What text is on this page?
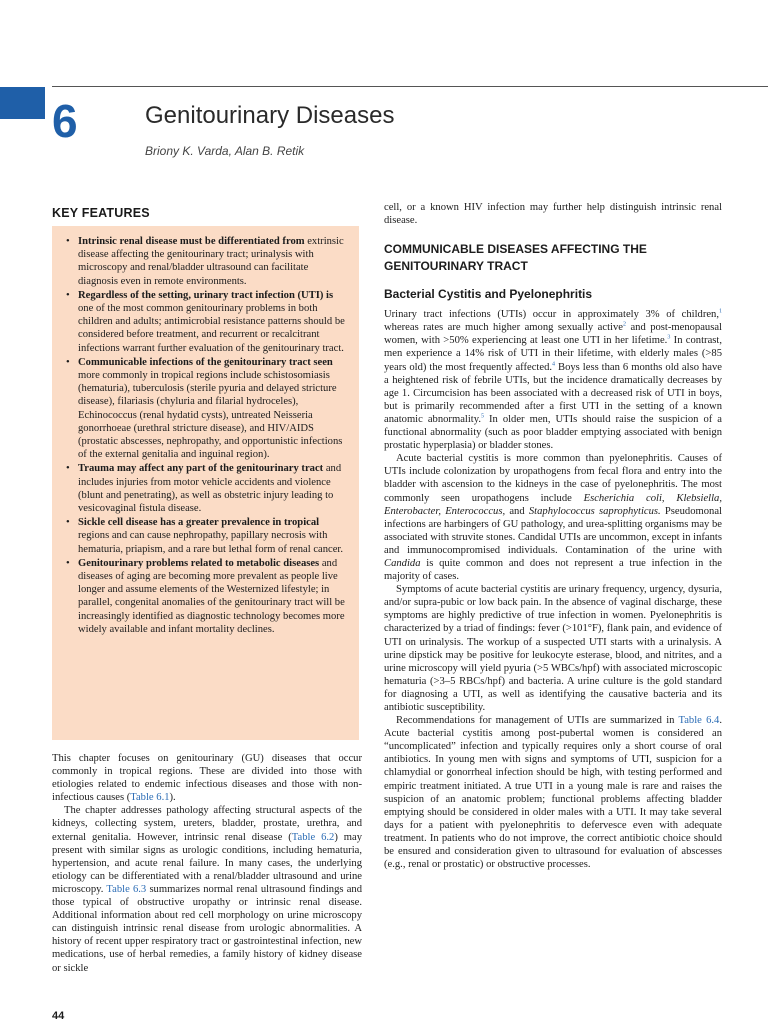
6	Genitourinary Diseases
Briony K. Varda, Alan B. Retik
KEY FEATURES
• Intrinsic renal disease must be differentiated from extrinsic disease affecting the genitourinary tract; urinalysis with microscopy and renal/bladder ultrasound can facilitate diagnosis even in remote environments.
• Regardless of the setting, urinary tract infection (UTI) is one of the most common genitourinary problems in both children and adults; antimicrobial resistance patterns should be considered before treatment, and recurrent or recalcitrant infections warrant further evaluation of the genitourinary tract.
• Communicable infections of the genitourinary tract seen more commonly in tropical regions include schistosomiasis (hematuria), tuberculosis (sterile pyuria and delayed stricture disease), filariasis (chyluria and filarial hydroceles), Echinococcus (renal hydatid cysts), untreated Neisseria gonorrhoeae (urethral stricture disease), and HIV/AIDS (prostatic abscesses, nephropathy, and opportunistic infections of the external genitalia and inguinal region).
• Trauma may affect any part of the genitourinary tract and includes injuries from motor vehicle accidents and violence (blunt and penetrating), as well as obstetric injury leading to vesicovaginal fistula disease.
• Sickle cell disease has a greater prevalence in tropical regions and can cause nephropathy, papillary necrosis with hematuria, priapism, and a rare but lethal form of renal cancer.
• Genitourinary problems related to metabolic diseases and diseases of aging are becoming more prevalent as people live longer and assume elements of the Westernized lifestyle; in parallel, congenital anomalies of the genitourinary tract will be increasingly identified as diagnostic technology becomes more widely available and infant mortality declines.

This chapter focuses on genitourinary (GU) diseases that occur commonly in tropical regions. These are divided into those with etiologies related to endemic infectious diseases and those with non-infectious causes (Table 6.1).

The chapter addresses pathology affecting structural aspects of the kidneys, collecting system, ureters, bladder, prostate, urethra, and external genitalia. However, intrinsic renal disease (Table 6.2) may present with similar signs as urologic conditions, including hematuria, hypertension, and acute renal failure. In many cases, the underlying etiology can be differentiated with a renal/bladder ultrasound and urine microscopy. Table 6.3 summarizes normal renal ultrasound findings and those typical of obstructive uropathy or intrinsic renal disease. Additional information about red cell morphology on urine microscopy can distinguish intrinsic renal disease from urologic abnormalities. A history of recent upper respiratory tract or gastrointestinal infection, new medications, use of herbal remedies, a family history of kidney disease or sickle

cell, or a known HIV infection may further help distinguish intrinsic renal disease.

COMMUNICABLE DISEASES AFFECTING THE GENITOURINARY TRACT
Bacterial Cystitis and Pyelonephritis

Urinary tract infections (UTIs) occur in approximately 3% of children,$^1$ whereas rates are much higher among sexually active$^2$ and post-menopausal women, with >50% experiencing at least one UTI in her lifetime.$^3$ In contrast, men experience a 14% risk of UTI in their lifetime, with elderly males (>85 years old) the most frequently affected.$^4$ Boys less than 6 months old also have a heightened risk of febrile UTIs, but the incidence dramatically decreases by age 1. Circumcision has been associated with a decreased risk of UTI in boys, but is primarily recommended after a first UTI in the setting of a known anatomic abnormality.$^5$ In older men, UTIs should raise the suspicion of a functional abnormality (such as poor bladder emptying associated with benign prostatic hyperplasia) or bladder stones.

Acute bacterial cystitis is more common than pyelonephritis. Causes of UTIs include colonization by uropathogens from fecal flora and entry into the bladder with ascension to the kidneys in the case of pyelonephritis. The most commonly seen uropathogens include Escherichia coli, Klebsiella, Enterobacter, Enterococcus, and Staphylococcus saprophyticus. Pseudomonal infections are harbingers of GU pathology, and urea-splitting organisms may be associated with struvite stones. Candidal UTIs are uncommon, except in infants and immunocompromised individuals. Contamination of the urine with Candida is quite common and does not represent a true infection in the majority of cases.

Symptoms of acute bacterial cystitis are urinary frequency, urgency, dysuria, and/or supra-pubic or low back pain. In the absence of vaginal discharge, these symptoms are highly predictive of true infection in women. Pyelonephritis is characterized by a triad of findings: fever (>101°F), flank pain, and evidence of UTI on urinalysis. The workup of a suspected UTI starts with a urinalysis. A urine dipstick may be positive for leukocyte esterase, blood, and nitrites, and a urine microscopy will yield pyuria (>5 WBCs/hpf) with associated microscopic hematuria (>3–5 RBCs/hpf) and bacteria. A urine culture is the gold standard for diagnosing a UTI, as well as identifying the causative bacteria and its antibiotic susceptibility.

Recommendations for management of UTIs are summarized in Table 6.4. Acute bacterial cystitis among post-pubertal women is considered an “uncomplicated” infection and typically requires only a short course of oral antibiotics. In young men with signs and symptoms of UTI, suspicion for a chlamydial or gonorrheal infection should be high, with testing performed and empiric treatment initiated. A true UTI in a young male is rare and raises the suspicion of an anatomic problem; functional problems affecting bladder emptying should be considered in older males with a UTI. It may take several days for a patient with pyelonephritis to defervesce even with adequate treatment. In patients who do not improve, the correct antibiotic choice should be ensured and consideration given to ultrasound for evaluation of abscesses (e.g., renal or prostatic) or obstructive processes.

44
